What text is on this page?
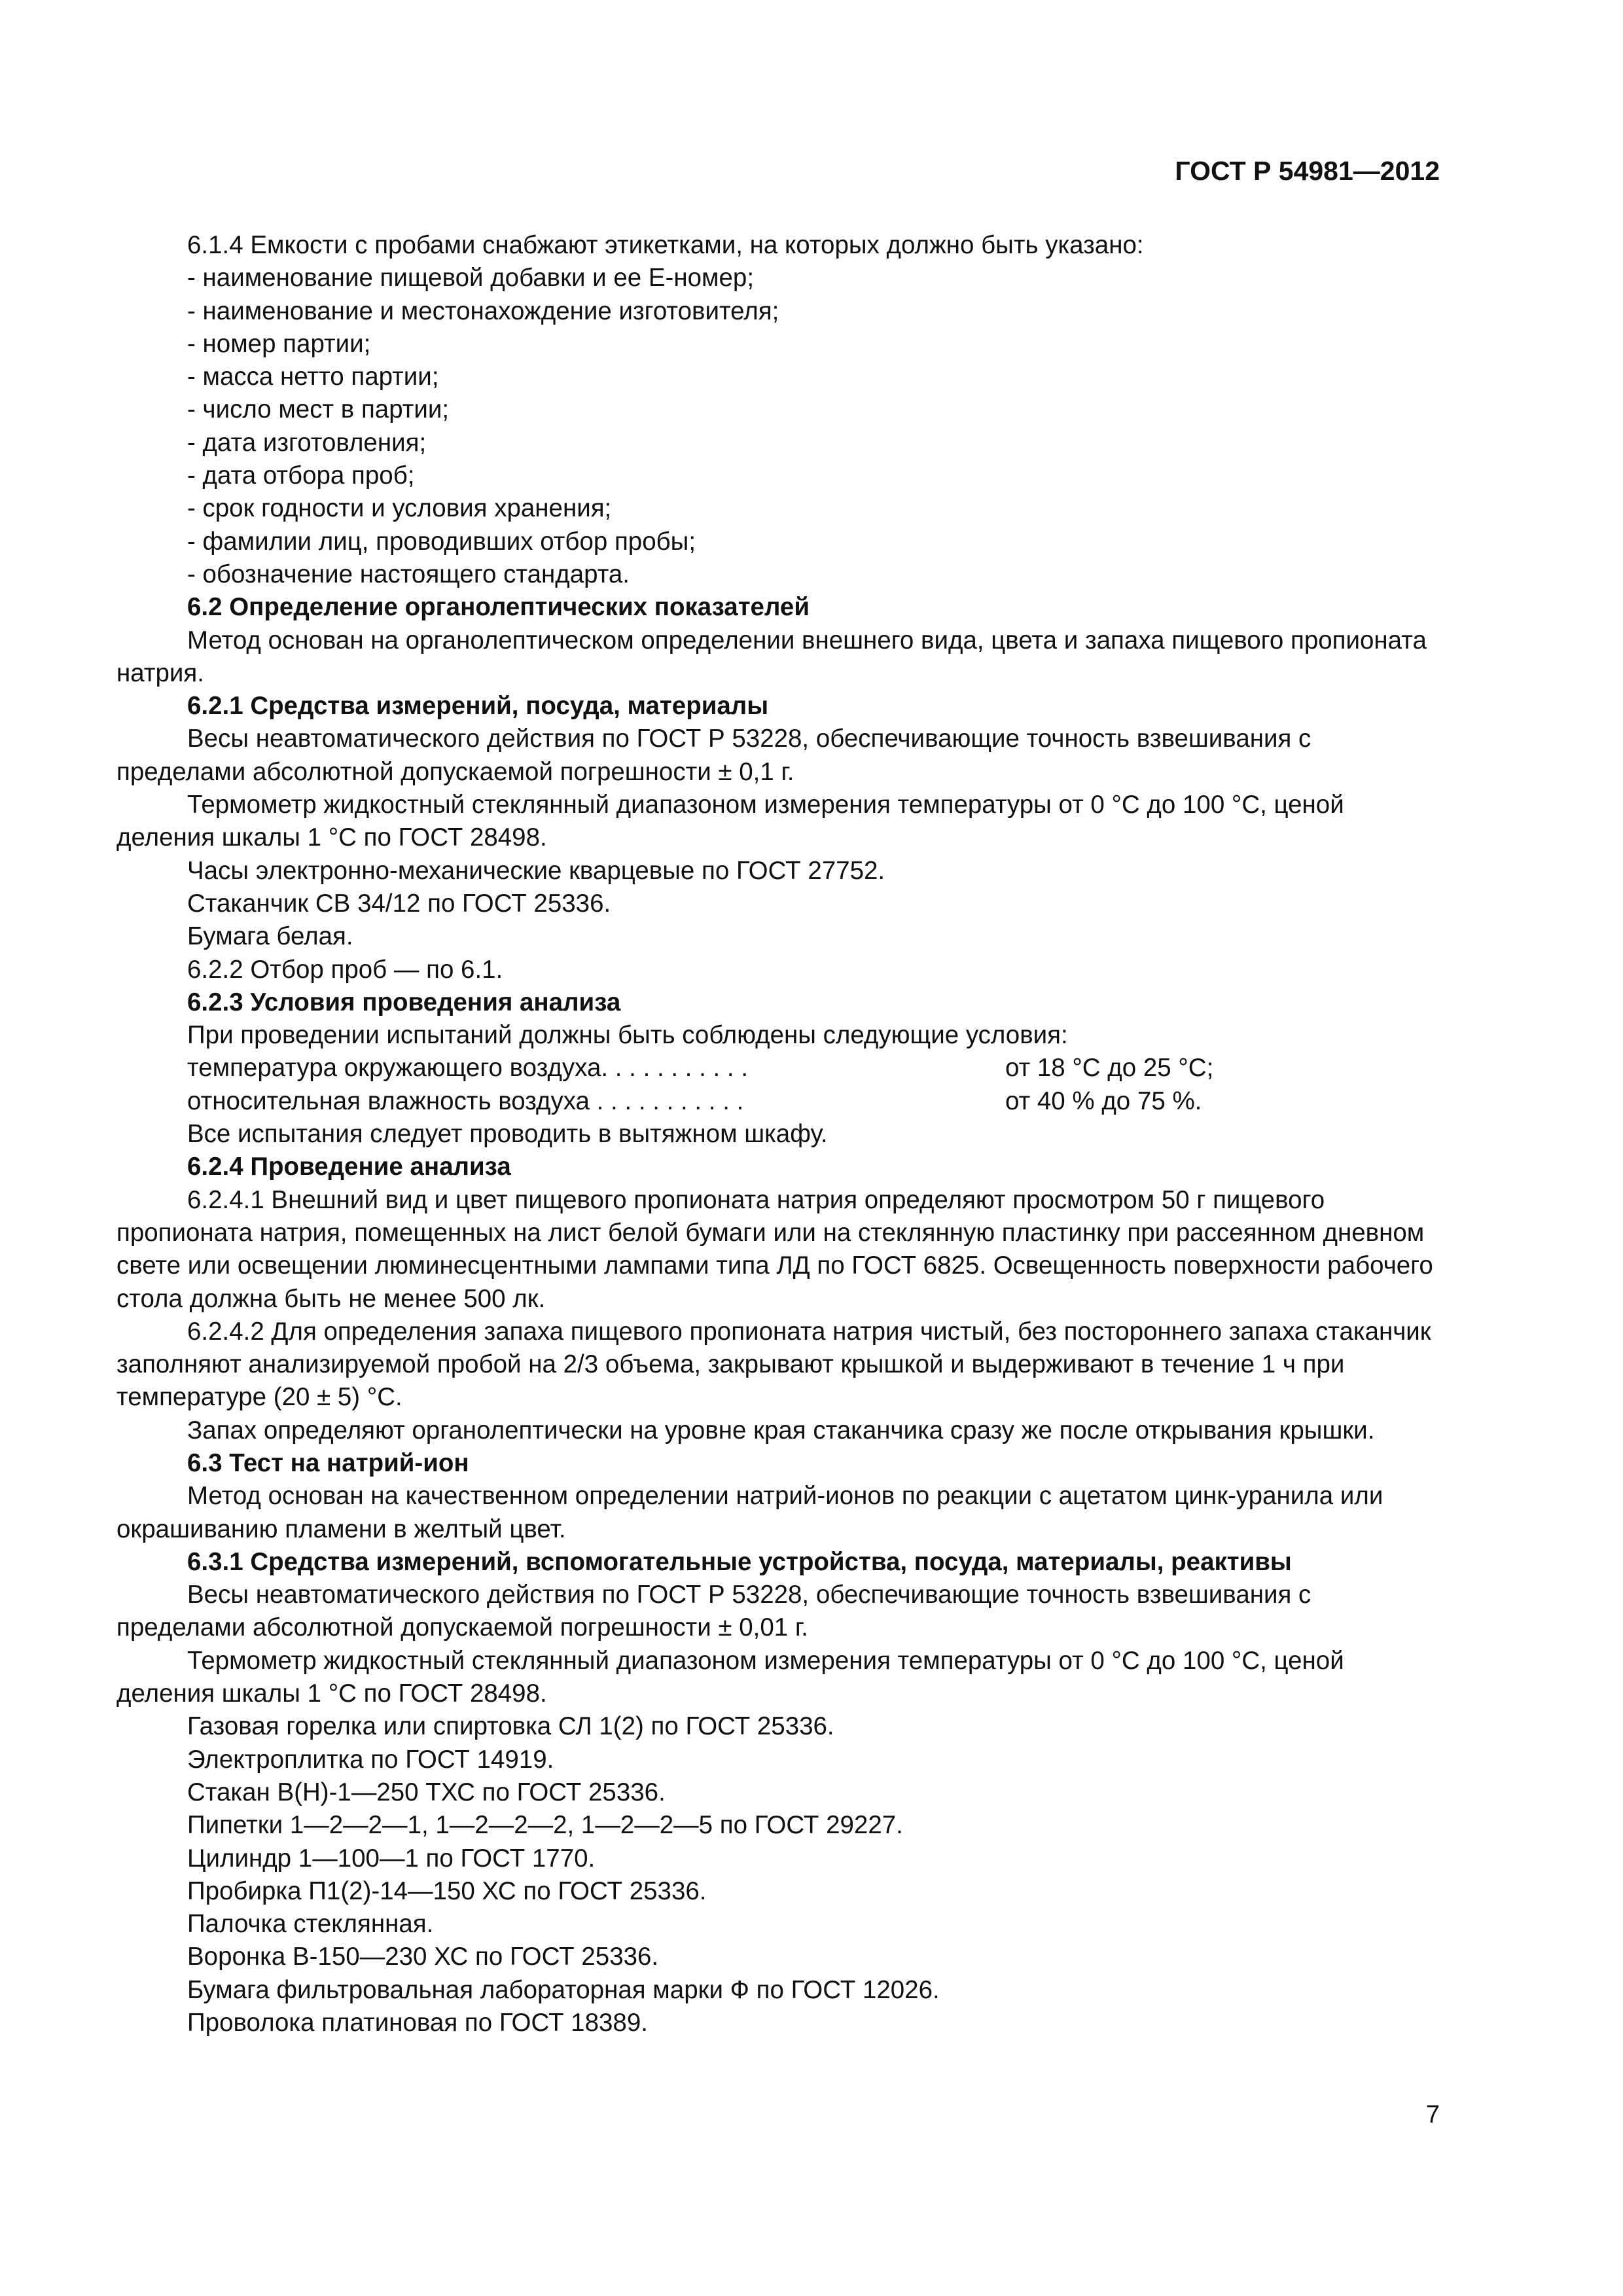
ГОСТ Р 54981—2012

6.1.4 Емкости с пробами снабжают этикетками, на которых должно быть указано:

- наименование пищевой добавки и ее Е-номер;

- наименование и местонахождение изготовителя;

- номер партии;

- масса нетто партии;

- число мест в партии;

- дата изготовления;

- дата отбора проб;

- срок годности и условия хранения;

- фамилии лиц, проводивших отбор пробы;

- обозначение настоящего стандарта.

6.2 Определение органолептических показателей

Метод основан на органолептическом определении внешнего вида, цвета и запаха пищевого пропионата натрия.

6.2.1 Средства измерений, посуда, материалы

Весы неавтоматического действия по ГОСТ Р 53228, обеспечивающие точность взвешивания с пределами абсолютной допускаемой погрешности ± 0,1 г.

Термометр жидкостный стеклянный диапазоном измерения температуры от 0 °С до 100 °С, ценой деления шкалы 1 °С по ГОСТ 28498.

Часы электронно-механические кварцевые по ГОСТ 27752.

Стаканчик СВ 34/12 по ГОСТ 25336.

Бумага белая.

6.2.2 Отбор проб — по 6.1.

6.2.3 Условия проведения анализа

При проведении испытаний должны быть соблюдены следующие условия:

температура окружающего воздуха. . . . . . . . . . .	от 18 °С до 25 °С;

относительная влажность воздуха . . . . . . . . . . .	от 40 % до 75 %.

Все испытания следует проводить в вытяжном шкафу.

6.2.4 Проведение анализа

6.2.4.1 Внешний вид и цвет пищевого пропионата натрия определяют просмотром 50 г пищевого пропионата натрия, помещенных на лист белой бумаги или на стеклянную пластинку при рассеянном дневном свете или освещении люминесцентными лампами типа ЛД по ГОСТ 6825. Освещенность поверхности рабочего стола должна быть не менее 500 лк.

6.2.4.2 Для определения запаха пищевого пропионата натрия чистый, без постороннего запаха стаканчик заполняют анализируемой пробой на 2/3 объема, закрывают крышкой и выдерживают в течение 1 ч при температуре (20 ± 5) °С.

Запах определяют органолептически на уровне края стаканчика сразу же после открывания крышки.

6.3 Тест на натрий-ион

Метод основан на качественном определении натрий-ионов по реакции с ацетатом цинк-уранила или окрашиванию пламени в желтый цвет.

6.3.1 Средства измерений, вспомогательные устройства, посуда, материалы, реактивы

Весы неавтоматического действия по ГОСТ Р 53228, обеспечивающие точность взвешивания с пределами абсолютной допускаемой погрешности ± 0,01 г.

Термометр жидкостный стеклянный диапазоном измерения температуры от 0 °С до 100 °С, ценой деления шкалы 1 °С по ГОСТ 28498.

Газовая горелка или спиртовка СЛ 1(2) по ГОСТ 25336.

Электроплитка по ГОСТ 14919.

Стакан В(Н)-1—250 ТХС по ГОСТ 25336.

Пипетки 1—2—2—1, 1—2—2—2, 1—2—2—5 по ГОСТ 29227.

Цилиндр 1—100—1 по ГОСТ 1770.

Пробирка П1(2)-14—150 ХС по ГОСТ 25336.

Палочка стеклянная.

Воронка В-150—230 ХС по ГОСТ 25336.

Бумага фильтровальная лабораторная марки Ф по ГОСТ 12026.

Проволока платиновая по ГОСТ 18389.

7
